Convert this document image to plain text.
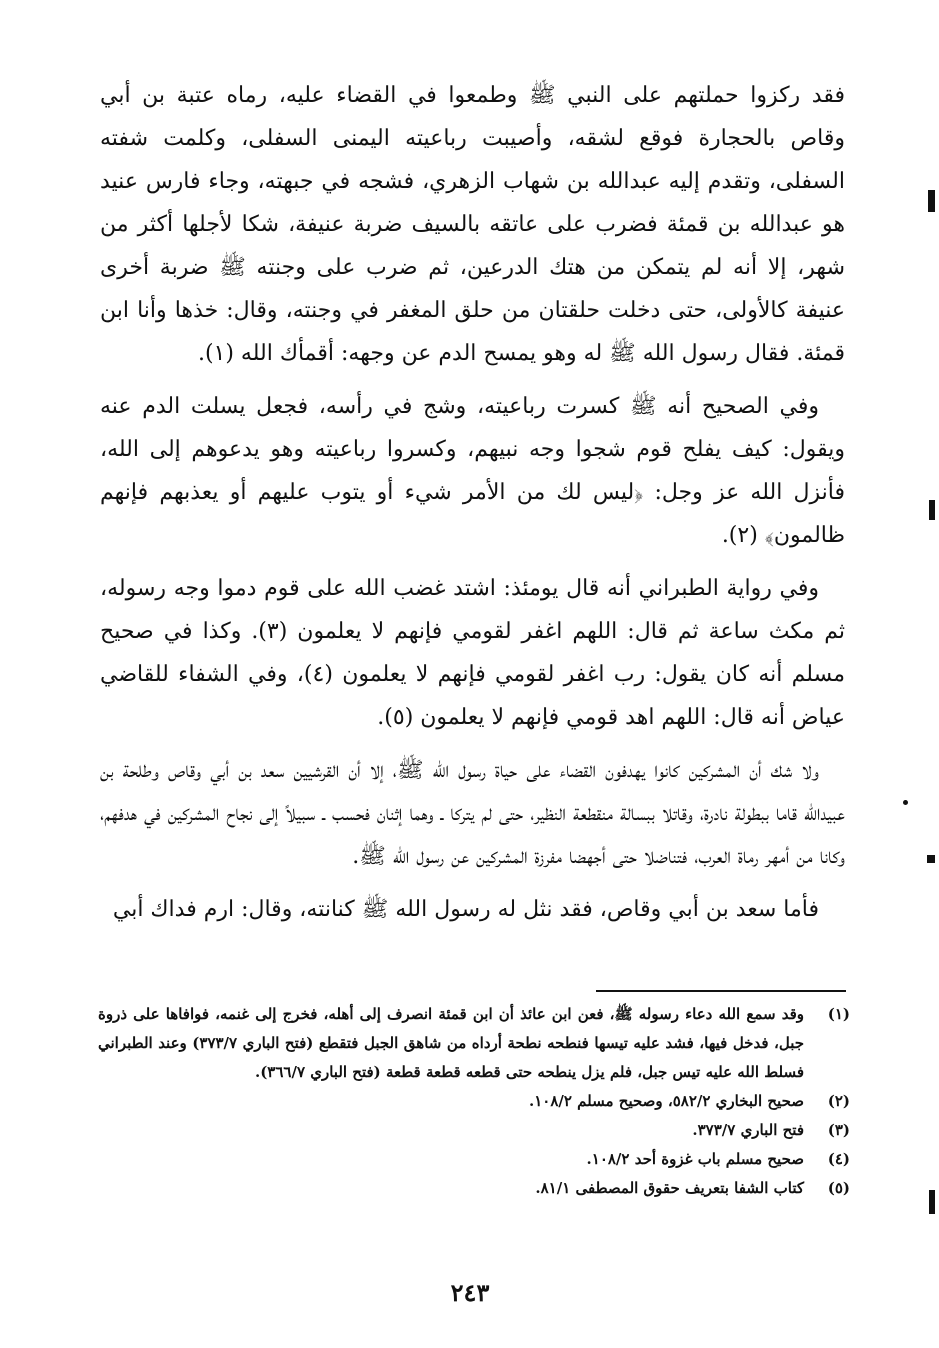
فقد ركزوا حملتهم على النبي ﷺ وطمعوا في القضاء عليه، رماه عتبة بن أبي وقاص بالحجارة فوقع لشقه، وأصيبت رباعيته اليمنى السفلى، وكلمت شفته السفلى، وتقدم إليه عبدالله بن شهاب الزهري، فشجه في جبهته، وجاء فارس عنيد هو عبدالله بن قمئة فضرب على عاتقه بالسيف ضربة عنيفة، شكا لأجلها أكثر من شهر، إلا أنه لم يتمكن من هتك الدرعين، ثم ضرب على وجنته ﷺ ضربة أخرى عنيفة كالأولى، حتى دخلت حلقتان من حلق المغفر في وجنته، وقال: خذها وأنا ابن قمئة. فقال رسول الله ﷺ له وهو يمسح الدم عن وجهه: أقمأك الله (١).

وفي الصحيح أنه ﷺ كسرت رباعيته، وشج في رأسه، فجعل يسلت الدم عنه ويقول: كيف يفلح قوم شجوا وجه نبيهم، وكسروا رباعيته وهو يدعوهم إلى الله، فأنزل الله عز وجل: ﴿ليس لك من الأمر شيء أو يتوب عليهم أو يعذبهم فإنهم ظالمون﴾ (٢).

وفي رواية الطبراني أنه قال يومئذ: اشتد غضب الله على قوم دموا وجه رسوله، ثم مكث ساعة ثم قال: اللهم اغفر لقومي فإنهم لا يعلمون (٣). وكذا في صحيح مسلم أنه كان يقول: رب اغفر لقومي فإنهم لا يعلمون (٤)، وفي الشفاء للقاضي عياض أنه قال: اللهم اهد قومي فإنهم لا يعلمون (٥).

ولا شك أن المشركين كانوا يهدفون القضاء على حياة رسول الله ﷺ، إلا أن القرشيين سعد بن أبي وقاص وطلحة بن عبيدالله قاما ببطولة نادرة، وقاتلا ببسالة منقطعة النظير، حتى لم يتركا ـ وهما إثنان فحسب ـ سبيلاً إلى نجاح المشركين في هدفهم، وكانا من أمهر رماة العرب، فتناضلا حتى أجهضا مفرزة المشركين عن رسول الله ﷺ.

فأما سعد بن أبي وقاص، فقد نثل له رسول الله ﷺ كنانته، وقال: ارم فداك أبي

(١)
وقد سمع الله دعاء رسوله ﷺ، فعن ابن عائذ أن ابن قمئة انصرف إلى أهله، فخرج إلى غنمه، فوافاها على ذروة جبل، فدخل فيها، فشد عليه تيسها فنطحه نطحة أرداه من شاهق الجبل فتقطع (فتح الباري ٣٧٣/٧) وعند الطبراني فسلط الله عليه تيس جبل، فلم يزل ينطحه حتى قطعه قطعة قطعة (فتح الباري ٣٦٦/٧).
(٢)
صحيح البخاري ٥٨٢/٢، وصحيح مسلم ١٠٨/٢.
(٣)
فتح الباري ٣٧٣/٧.
(٤)
صحيح مسلم باب غزوة أحد ١٠٨/٢.
(٥)
كتاب الشفا بتعريف حقوق المصطفى ٨١/١.
٢٤٣
